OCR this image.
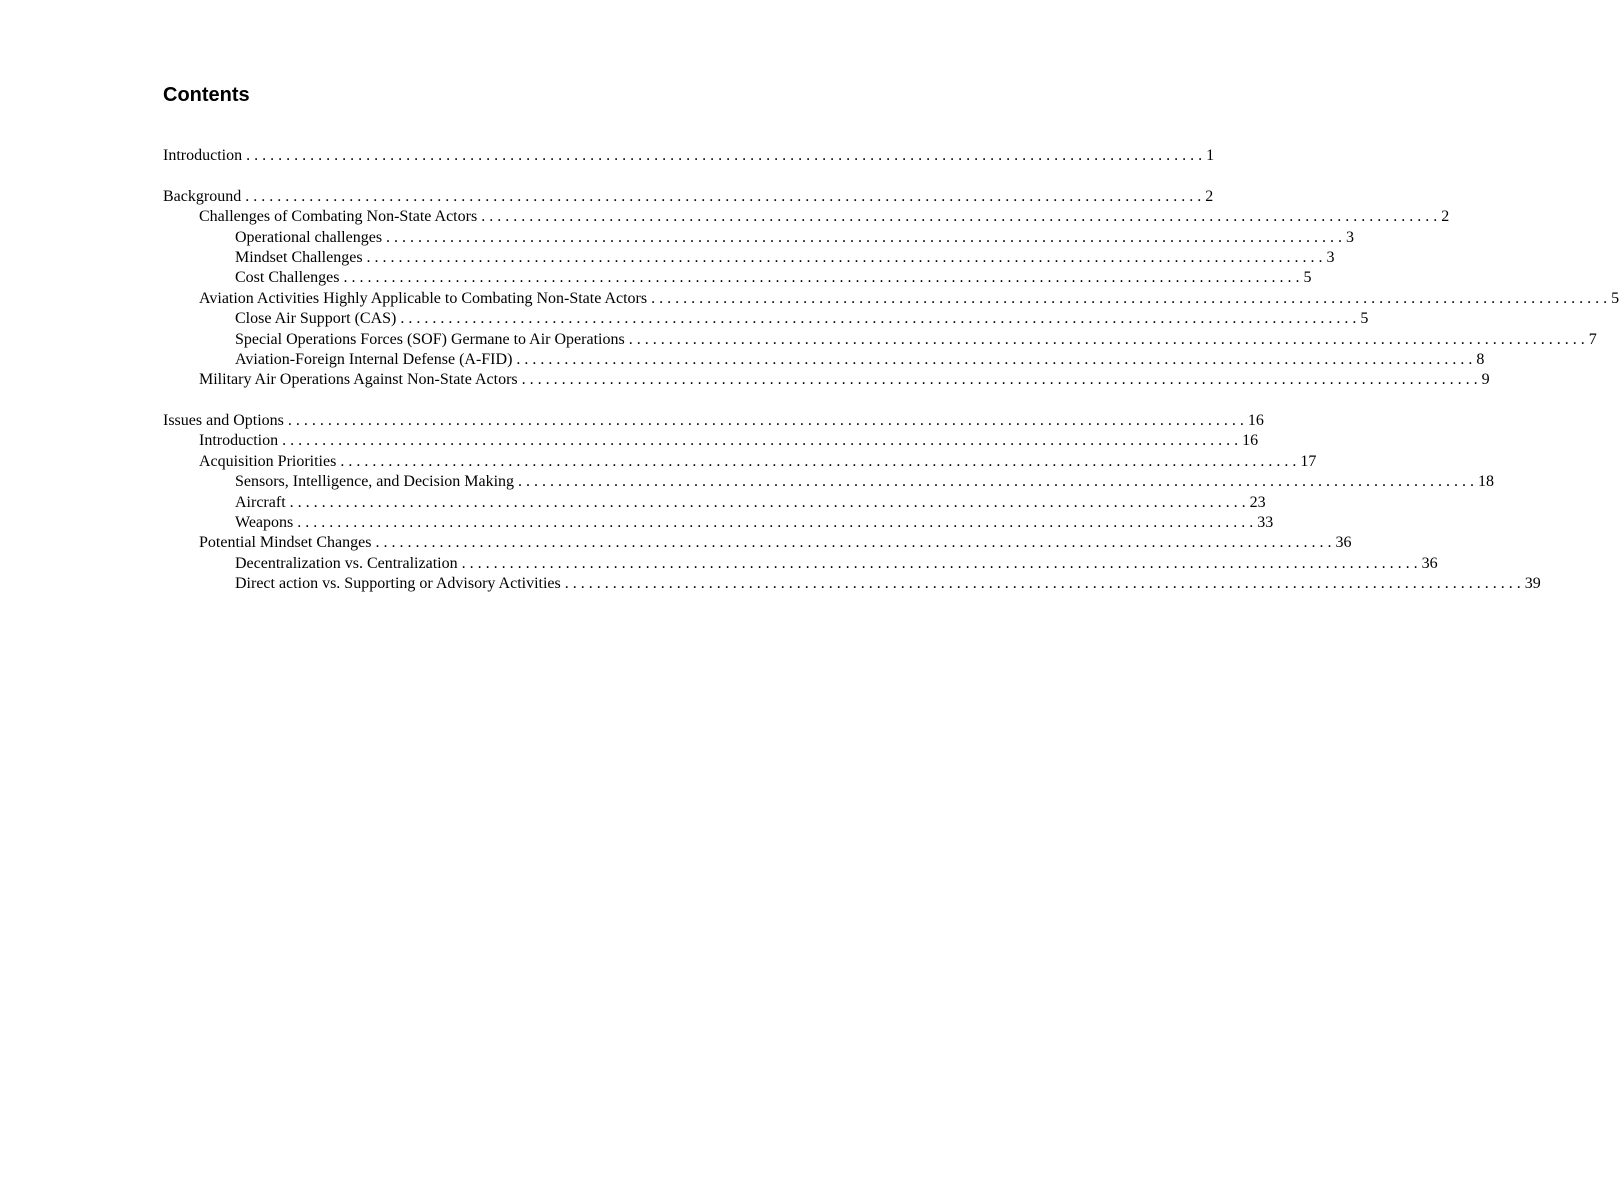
Contents
Introduction . . . . . . . . . . . . . . . . . . . . . . . . . . . . . . . . . . . . . . . . . . . . . . . . . . . . . . . . . . . . . . . . . . . . . . . . . . . . . . . . . . . . . . . . . . . . . . . . . . . . . . . . . . . . . . . . . . . . . . . . 1
Background . . . . . . . . . . . . . . . . . . . . . . . . . . . . . . . . . . . . . . . . . . . . . . . . . . . . . . . . . . . . . . . . . . . . . . . . . . . . . . . . . . . . . . . . . . . . . . . . . . . . . . . . . . . . . . . . . . . . . . . . 2
Challenges of Combating Non-State Actors . . . . . . . . . . . . . . . . . . . . . . . . . . . . . . . . . . . . . . . . . . . . . . . . . . . . . . . . . . . . . . . . . . . . . . . . . . . . . . . . . . . . . . . . . . . . . . . . . . . . . . . . . . . . . . . . . . . . . . . . 2
Operational challenges . . . . . . . . . . . . . . . . . . . . . . . . . . . . . . . . . . . . . . . . . . . . . . . . . . . . . . . . . . . . . . . . . . . . . . . . . . . . . . . . . . . . . . . . . . . . . . . . . . . . . . . . . . . . . . . . . . . . . . . . 3
Mindset Challenges . . . . . . . . . . . . . . . . . . . . . . . . . . . . . . . . . . . . . . . . . . . . . . . . . . . . . . . . . . . . . . . . . . . . . . . . . . . . . . . . . . . . . . . . . . . . . . . . . . . . . . . . . . . . . . . . . . . . . . . . 3
Cost Challenges . . . . . . . . . . . . . . . . . . . . . . . . . . . . . . . . . . . . . . . . . . . . . . . . . . . . . . . . . . . . . . . . . . . . . . . . . . . . . . . . . . . . . . . . . . . . . . . . . . . . . . . . . . . . . . . . . . . . . . . . 5
Aviation Activities Highly Applicable to Combating Non-State Actors . . . . . . . . . . . . . . . . . . . . . . . . . . . . . . . . . . . . . . . . . . . . . . . . . . . . . . . . . . . . . . . . . . . . . . . . . . . . . . . . . . . . . . . . . . . . . . . . . . . . . . . . . . . . . . . . . . . . . . . . 5
Close Air Support (CAS) . . . . . . . . . . . . . . . . . . . . . . . . . . . . . . . . . . . . . . . . . . . . . . . . . . . . . . . . . . . . . . . . . . . . . . . . . . . . . . . . . . . . . . . . . . . . . . . . . . . . . . . . . . . . . . . . . . . . . . . . 5
Special Operations Forces (SOF) Germane to Air Operations . . . . . . . . . . . . . . . . . . . . . . . . . . . . . . . . . . . . . . . . . . . . . . . . . . . . . . . . . . . . . . . . . . . . . . . . . . . . . . . . . . . . . . . . . . . . . . . . . . . . . . . . . . . . . . . . . . . . . . . . 7
Aviation-Foreign Internal Defense (A-FID) . . . . . . . . . . . . . . . . . . . . . . . . . . . . . . . . . . . . . . . . . . . . . . . . . . . . . . . . . . . . . . . . . . . . . . . . . . . . . . . . . . . . . . . . . . . . . . . . . . . . . . . . . . . . . . . . . . . . . . . . 8
Military Air Operations Against Non-State Actors . . . . . . . . . . . . . . . . . . . . . . . . . . . . . . . . . . . . . . . . . . . . . . . . . . . . . . . . . . . . . . . . . . . . . . . . . . . . . . . . . . . . . . . . . . . . . . . . . . . . . . . . . . . . . . . . . . . . . . . . 9
Issues and Options . . . . . . . . . . . . . . . . . . . . . . . . . . . . . . . . . . . . . . . . . . . . . . . . . . . . . . . . . . . . . . . . . . . . . . . . . . . . . . . . . . . . . . . . . . . . . . . . . . . . . . . . . . . . . . . . . . . . . . . . 16
Introduction . . . . . . . . . . . . . . . . . . . . . . . . . . . . . . . . . . . . . . . . . . . . . . . . . . . . . . . . . . . . . . . . . . . . . . . . . . . . . . . . . . . . . . . . . . . . . . . . . . . . . . . . . . . . . . . . . . . . . . . . 16
Acquisition Priorities . . . . . . . . . . . . . . . . . . . . . . . . . . . . . . . . . . . . . . . . . . . . . . . . . . . . . . . . . . . . . . . . . . . . . . . . . . . . . . . . . . . . . . . . . . . . . . . . . . . . . . . . . . . . . . . . . . . . . . . . 17
Sensors, Intelligence, and Decision Making . . . . . . . . . . . . . . . . . . . . . . . . . . . . . . . . . . . . . . . . . . . . . . . . . . . . . . . . . . . . . . . . . . . . . . . . . . . . . . . . . . . . . . . . . . . . . . . . . . . . . . . . . . . . . . . . . . . . . . . . 18
Aircraft . . . . . . . . . . . . . . . . . . . . . . . . . . . . . . . . . . . . . . . . . . . . . . . . . . . . . . . . . . . . . . . . . . . . . . . . . . . . . . . . . . . . . . . . . . . . . . . . . . . . . . . . . . . . . . . . . . . . . . . . 23
Weapons . . . . . . . . . . . . . . . . . . . . . . . . . . . . . . . . . . . . . . . . . . . . . . . . . . . . . . . . . . . . . . . . . . . . . . . . . . . . . . . . . . . . . . . . . . . . . . . . . . . . . . . . . . . . . . . . . . . . . . . . 33
Potential Mindset Changes . . . . . . . . . . . . . . . . . . . . . . . . . . . . . . . . . . . . . . . . . . . . . . . . . . . . . . . . . . . . . . . . . . . . . . . . . . . . . . . . . . . . . . . . . . . . . . . . . . . . . . . . . . . . . . . . . . . . . . . . 36
Decentralization vs. Centralization . . . . . . . . . . . . . . . . . . . . . . . . . . . . . . . . . . . . . . . . . . . . . . . . . . . . . . . . . . . . . . . . . . . . . . . . . . . . . . . . . . . . . . . . . . . . . . . . . . . . . . . . . . . . . . . . . . . . . . . . 36
Direct action vs. Supporting or Advisory Activities . . . . . . . . . . . . . . . . . . . . . . . . . . . . . . . . . . . . . . . . . . . . . . . . . . . . . . . . . . . . . . . . . . . . . . . . . . . . . . . . . . . . . . . . . . . . . . . . . . . . . . . . . . . . . . . . . . . . . . . . 39
